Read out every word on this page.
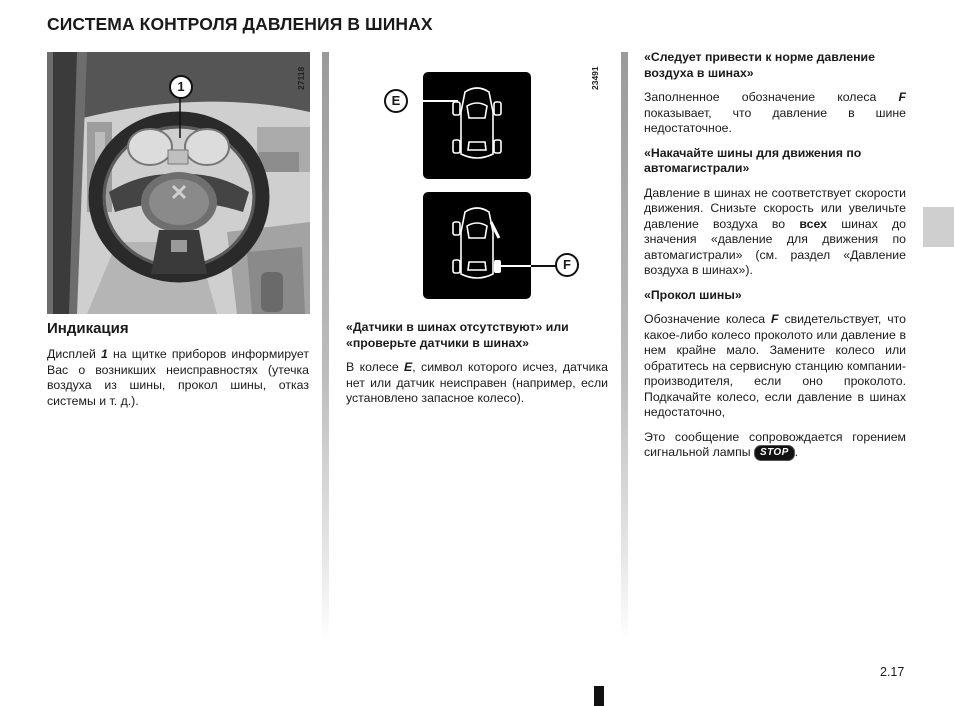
СИСТЕМА КОНТРОЛЯ ДАВЛЕНИЯ В ШИНАХ
1	27118
E
F
23491
Индикация

Дисплей 1 на щитке приборов информирует Вас о возникших неисправностях (утечка воздуха из шины, прокол шины, отказ системы и т. д.).

«Датчики в шинах отсутствуют» или «проверьте датчики в шинах»

В колесе E, символ которого исчез, датчика нет или датчик неисправен (например, если установлено запасное колесо).

«Следует привести к норме давление воздуха в шинах»

Заполненное обозначение колеса F показывает, что давление в шине недостаточное.

«Накачайте шины для движения по автомагистрали»

Давление в шинах не соответствует скорости движения. Снизьте скорость или увеличьте давление воздуха во всех шинах до значения «давление для движения по автомагистрали» (см. раздел «Давление воздуха в шинах»).

«Прокол шины»

Обозначение колеса F свидетельствует, что какое-либо колесо проколото или давление в нем крайне мало. Замените колесо или обратитесь на сервисную станцию компании-производителя, если оно проколото. Подкачайте колесо, если давление в шинах недостаточно,

Это сообщение сопровождается горением сигнальной лампы STOP .

2.17
